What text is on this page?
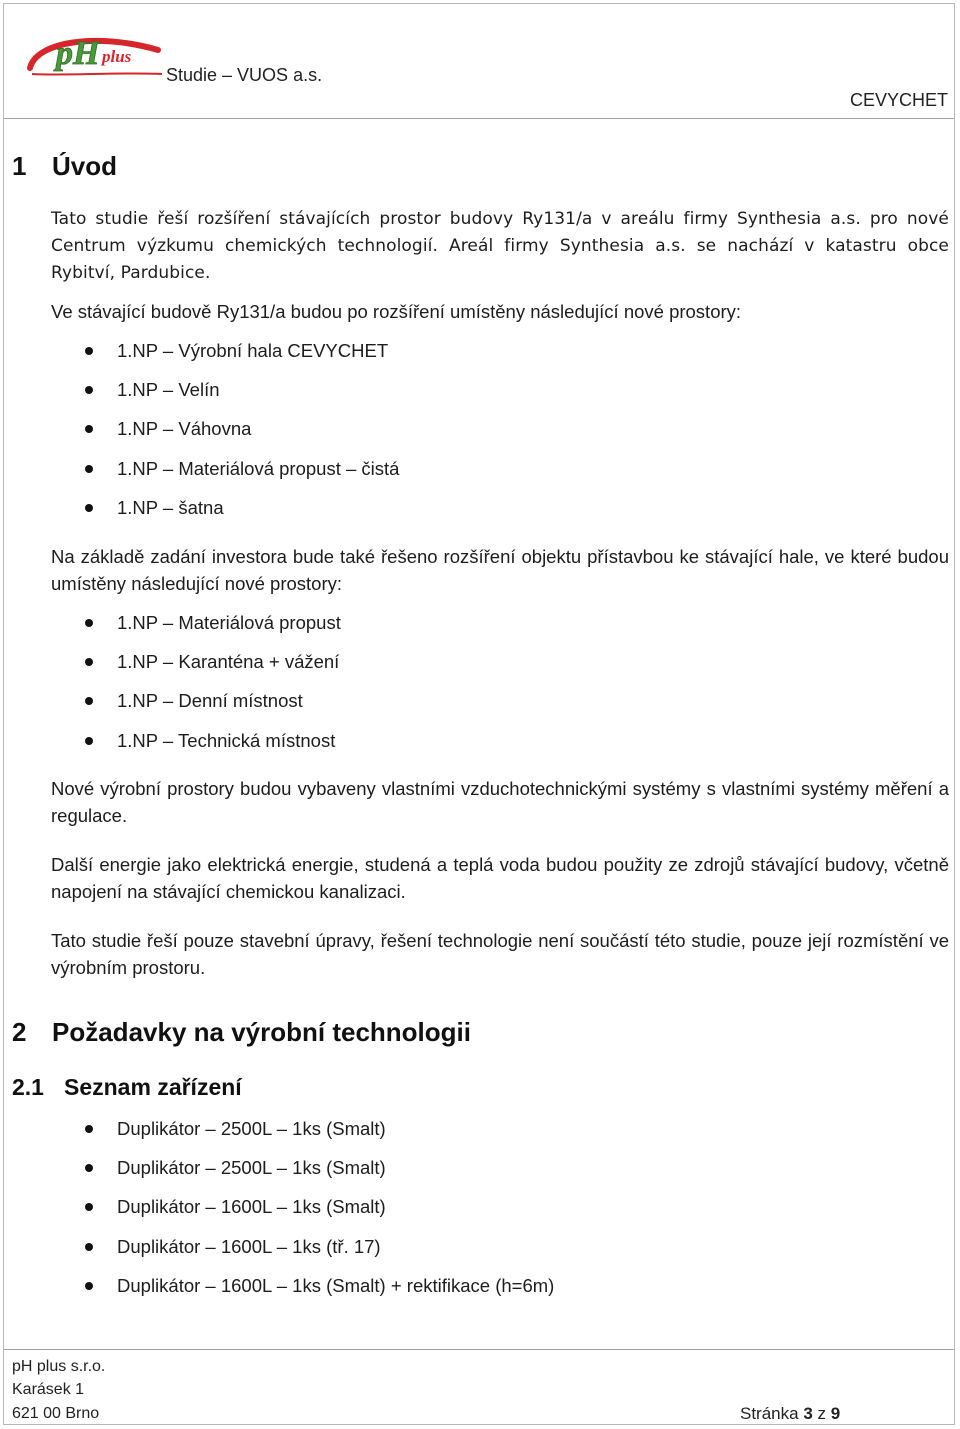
pH plus
Studie – VUOS a.s.
CEVYCHET
1 Úvod

Tato studie řeší rozšíření stávajících prostor budovy Ry131/a v areálu firmy Synthesia a.s. pro nové Centrum výzkumu chemických technologií. Areál firmy Synthesia a.s. se nachází v katastru obce Rybitví, Pardubice.

Ve stávající budově Ry131/a budou po rozšíření umístěny následující nové prostory:

1.NP – Výrobní hala CEVYCHET
1.NP – Velín
1.NP – Váhovna
1.NP – Materiálová propust – čistá
1.NP – šatna

Na základě zadání investora bude také řešeno rozšíření objektu přístavbou ke stávající hale, ve které budou umístěny následující nové prostory:

1.NP – Materiálová propust
1.NP – Karanténa + vážení
1.NP – Denní místnost
1.NP – Technická místnost

Nové výrobní prostory budou vybaveny vlastními vzduchotechnickými systémy s vlastními systémy měření a regulace.

Další energie jako elektrická energie, studená a teplá voda budou použity ze zdrojů stávající budovy, včetně napojení na stávající chemickou kanalizaci.

Tato studie řeší pouze stavební úpravy, řešení technologie není součástí této studie, pouze její rozmístění ve výrobním prostoru.

2 Požadavky na výrobní technologii
2.1 Seznam zařízení
Duplikátor – 2500L – 1ks (Smalt)
Duplikátor – 2500L – 1ks (Smalt)
Duplikátor – 1600L – 1ks (Smalt)
Duplikátor – 1600L – 1ks (tř. 17)
Duplikátor – 1600L – 1ks (Smalt) + rektifikace (h=6m)
pH plus s.r.o.
Karásek 1
621 00 Brno	Stránka 3 z 9
